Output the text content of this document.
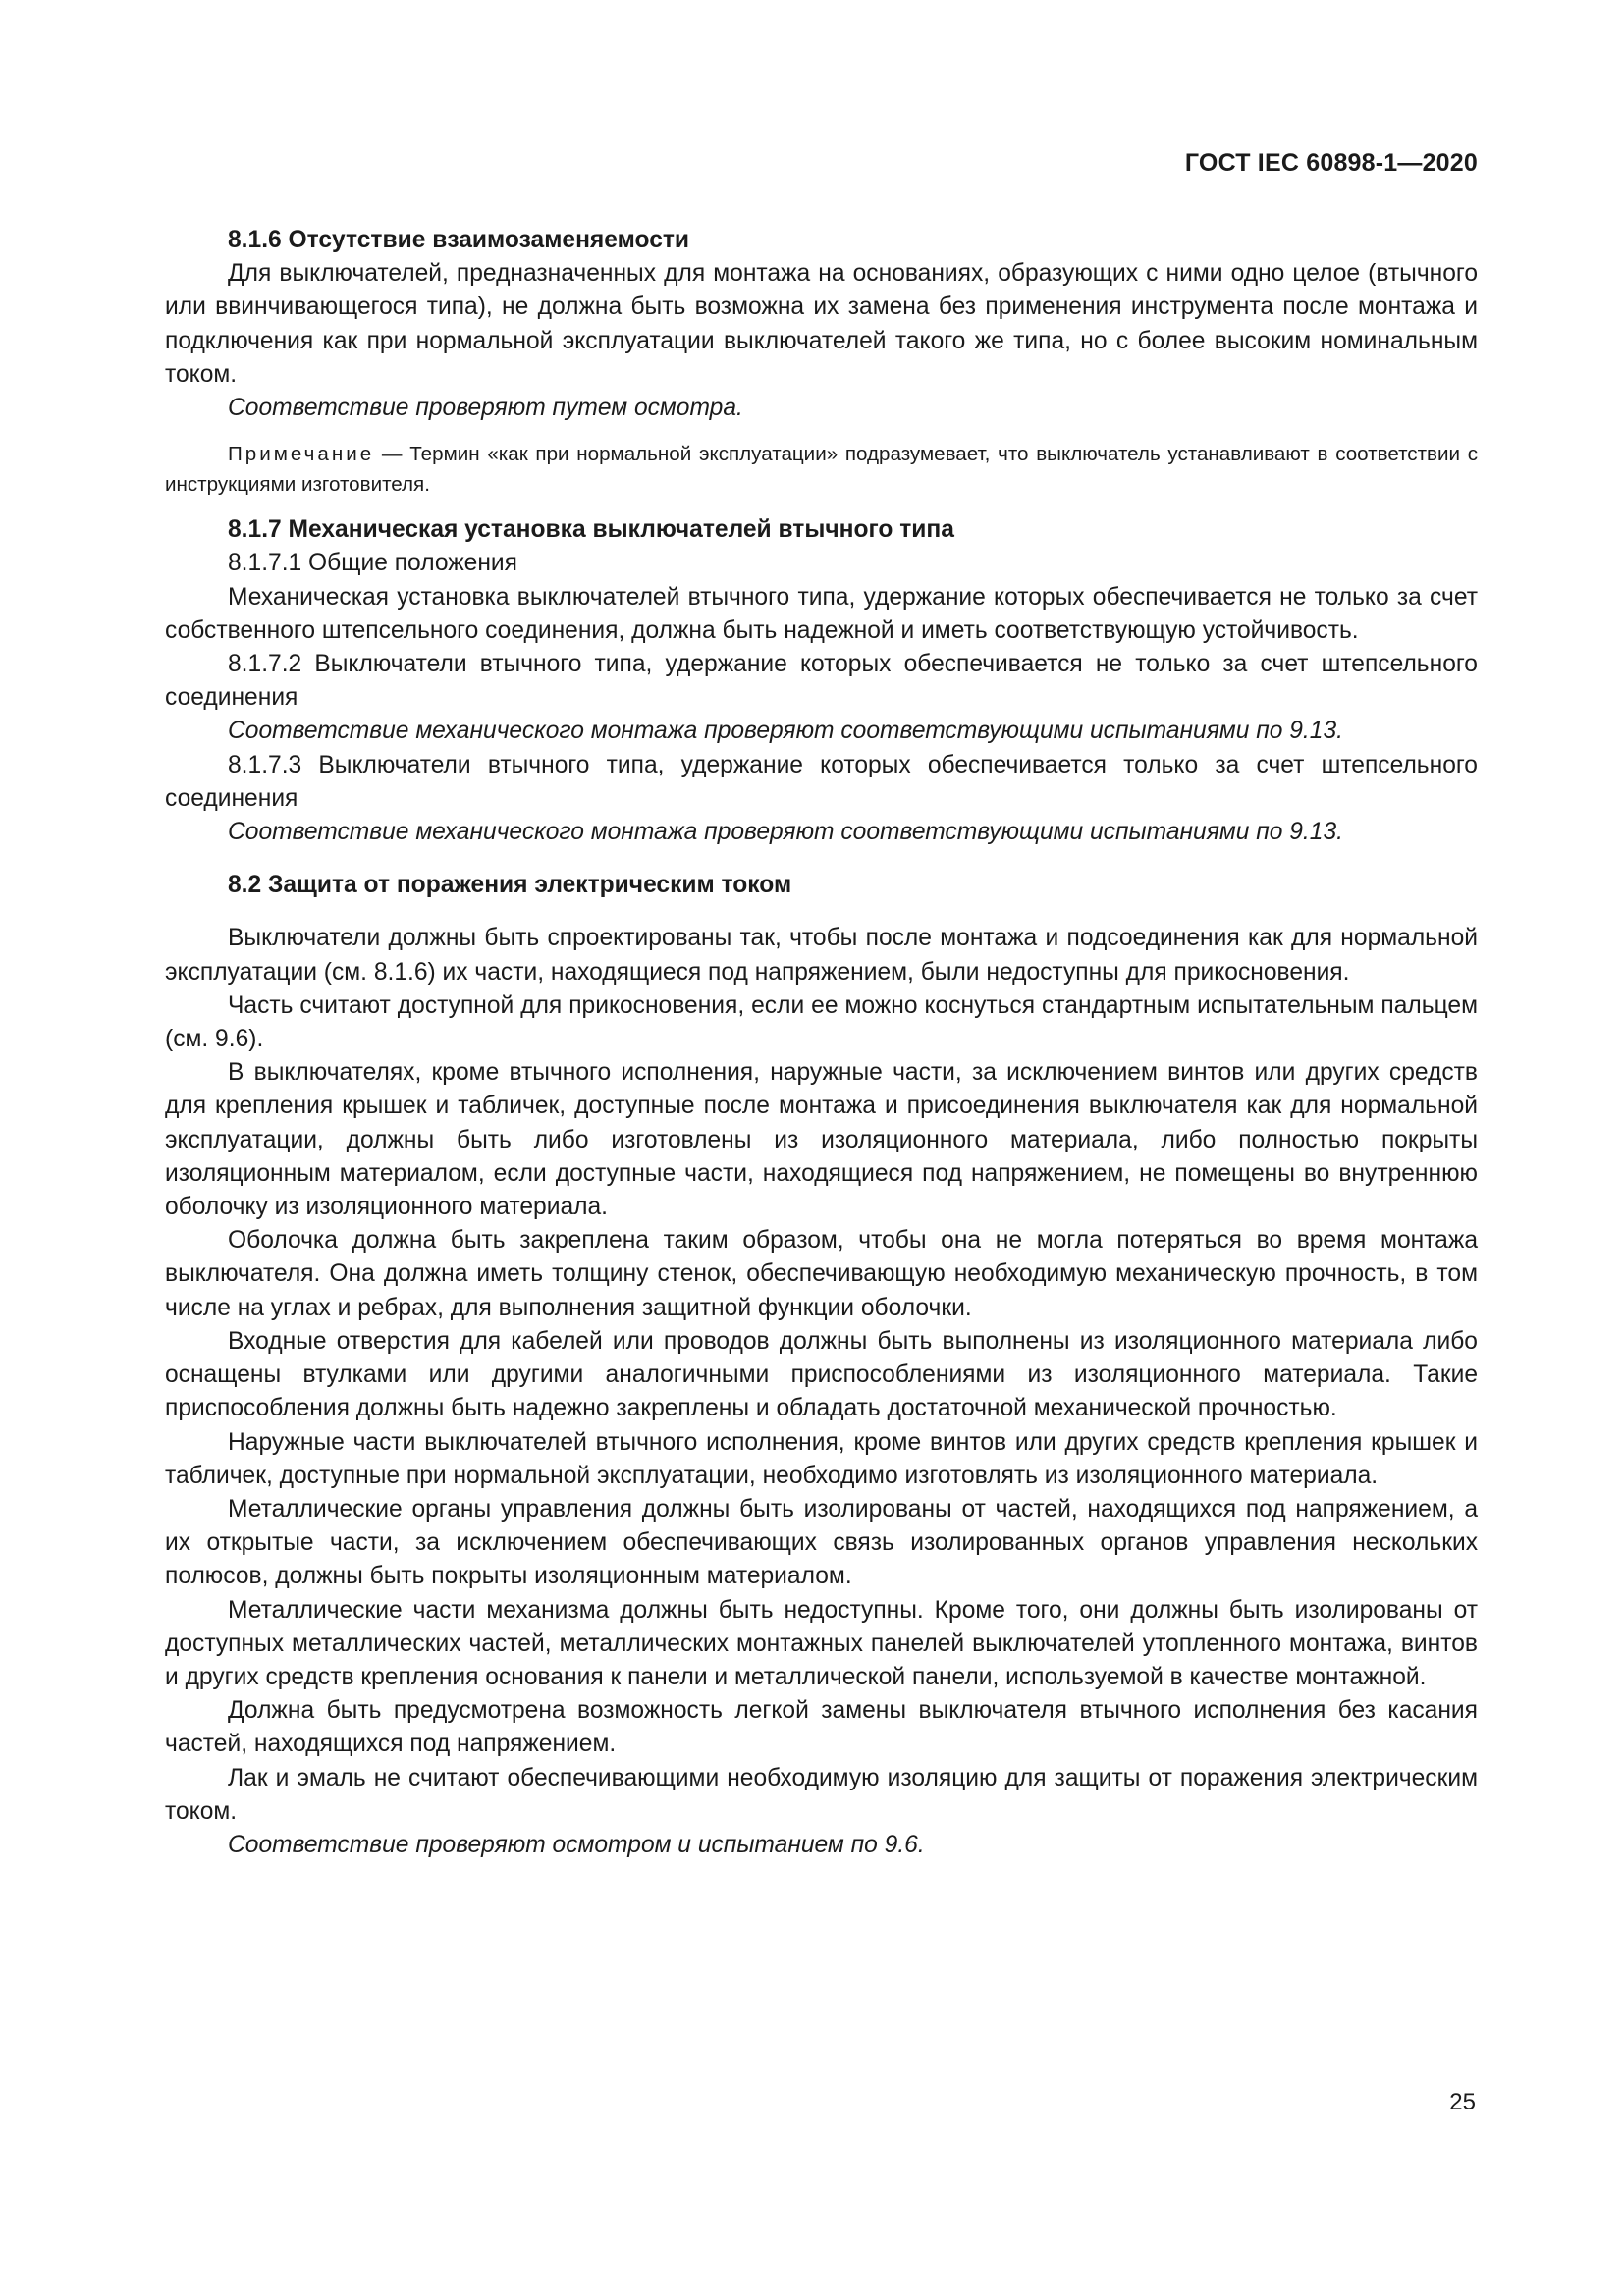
ГОСТ IEC 60898-1—2020

8.1.6 Отсутствие взаимозаменяемости

Для выключателей, предназначенных для монтажа на основаниях, образующих с ними одно целое (втычного или ввинчивающегося типа), не должна быть возможна их замена без применения инструмента после монтажа и подключения как при нормальной эксплуатации выключателей такого же типа, но с более высоким номинальным током.

Соответствие проверяют путем осмотра.

Примечание — Термин «как при нормальной эксплуатации» подразумевает, что выключатель устанавливают в соответствии с инструкциями изготовителя.

8.1.7 Механическая установка выключателей втычного типа

8.1.7.1 Общие положения

Механическая установка выключателей втычного типа, удержание которых обеспечивается не только за счет собственного штепсельного соединения, должна быть надежной и иметь соответствующую устойчивость.

8.1.7.2 Выключатели втычного типа, удержание которых обеспечивается не только за счет штепсельного соединения

Соответствие механического монтажа проверяют соответствующими испытаниями по 9.13.

8.1.7.3 Выключатели втычного типа, удержание которых обеспечивается только за счет штепсельного соединения

Соответствие механического монтажа проверяют соответствующими испытаниями по 9.13.

8.2 Защита от поражения электрическим током

Выключатели должны быть спроектированы так, чтобы после монтажа и подсоединения как для нормальной эксплуатации (см. 8.1.6) их части, находящиеся под напряжением, были недоступны для прикосновения.

Часть считают доступной для прикосновения, если ее можно коснуться стандартным испытательным пальцем (см. 9.6).

В выключателях, кроме втычного исполнения, наружные части, за исключением винтов или других средств для крепления крышек и табличек, доступные после монтажа и присоединения выключателя как для нормальной эксплуатации, должны быть либо изготовлены из изоляционного материала, либо полностью покрыты изоляционным материалом, если доступные части, находящиеся под напряжением, не помещены во внутреннюю оболочку из изоляционного материала.

Оболочка должна быть закреплена таким образом, чтобы она не могла потеряться во время монтажа выключателя. Она должна иметь толщину стенок, обеспечивающую необходимую механическую прочность, в том числе на углах и ребрах, для выполнения защитной функции оболочки.

Входные отверстия для кабелей или проводов должны быть выполнены из изоляционного материала либо оснащены втулками или другими аналогичными приспособлениями из изоляционного материала. Такие приспособления должны быть надежно закреплены и обладать достаточной механической прочностью.

Наружные части выключателей втычного исполнения, кроме винтов или других средств крепления крышек и табличек, доступные при нормальной эксплуатации, необходимо изготовлять из изоляционного материала.

Металлические органы управления должны быть изолированы от частей, находящихся под напряжением, а их открытые части, за исключением обеспечивающих связь изолированных органов управления нескольких полюсов, должны быть покрыты изоляционным материалом.

Металлические части механизма должны быть недоступны. Кроме того, они должны быть изолированы от доступных металлических частей, металлических монтажных панелей выключателей утопленного монтажа, винтов и других средств крепления основания к панели и металлической панели, используемой в качестве монтажной.

Должна быть предусмотрена возможность легкой замены выключателя втычного исполнения без касания частей, находящихся под напряжением.

Лак и эмаль не считают обеспечивающими необходимую изоляцию для защиты от поражения электрическим током.

Соответствие проверяют осмотром и испытанием по 9.6.

25
